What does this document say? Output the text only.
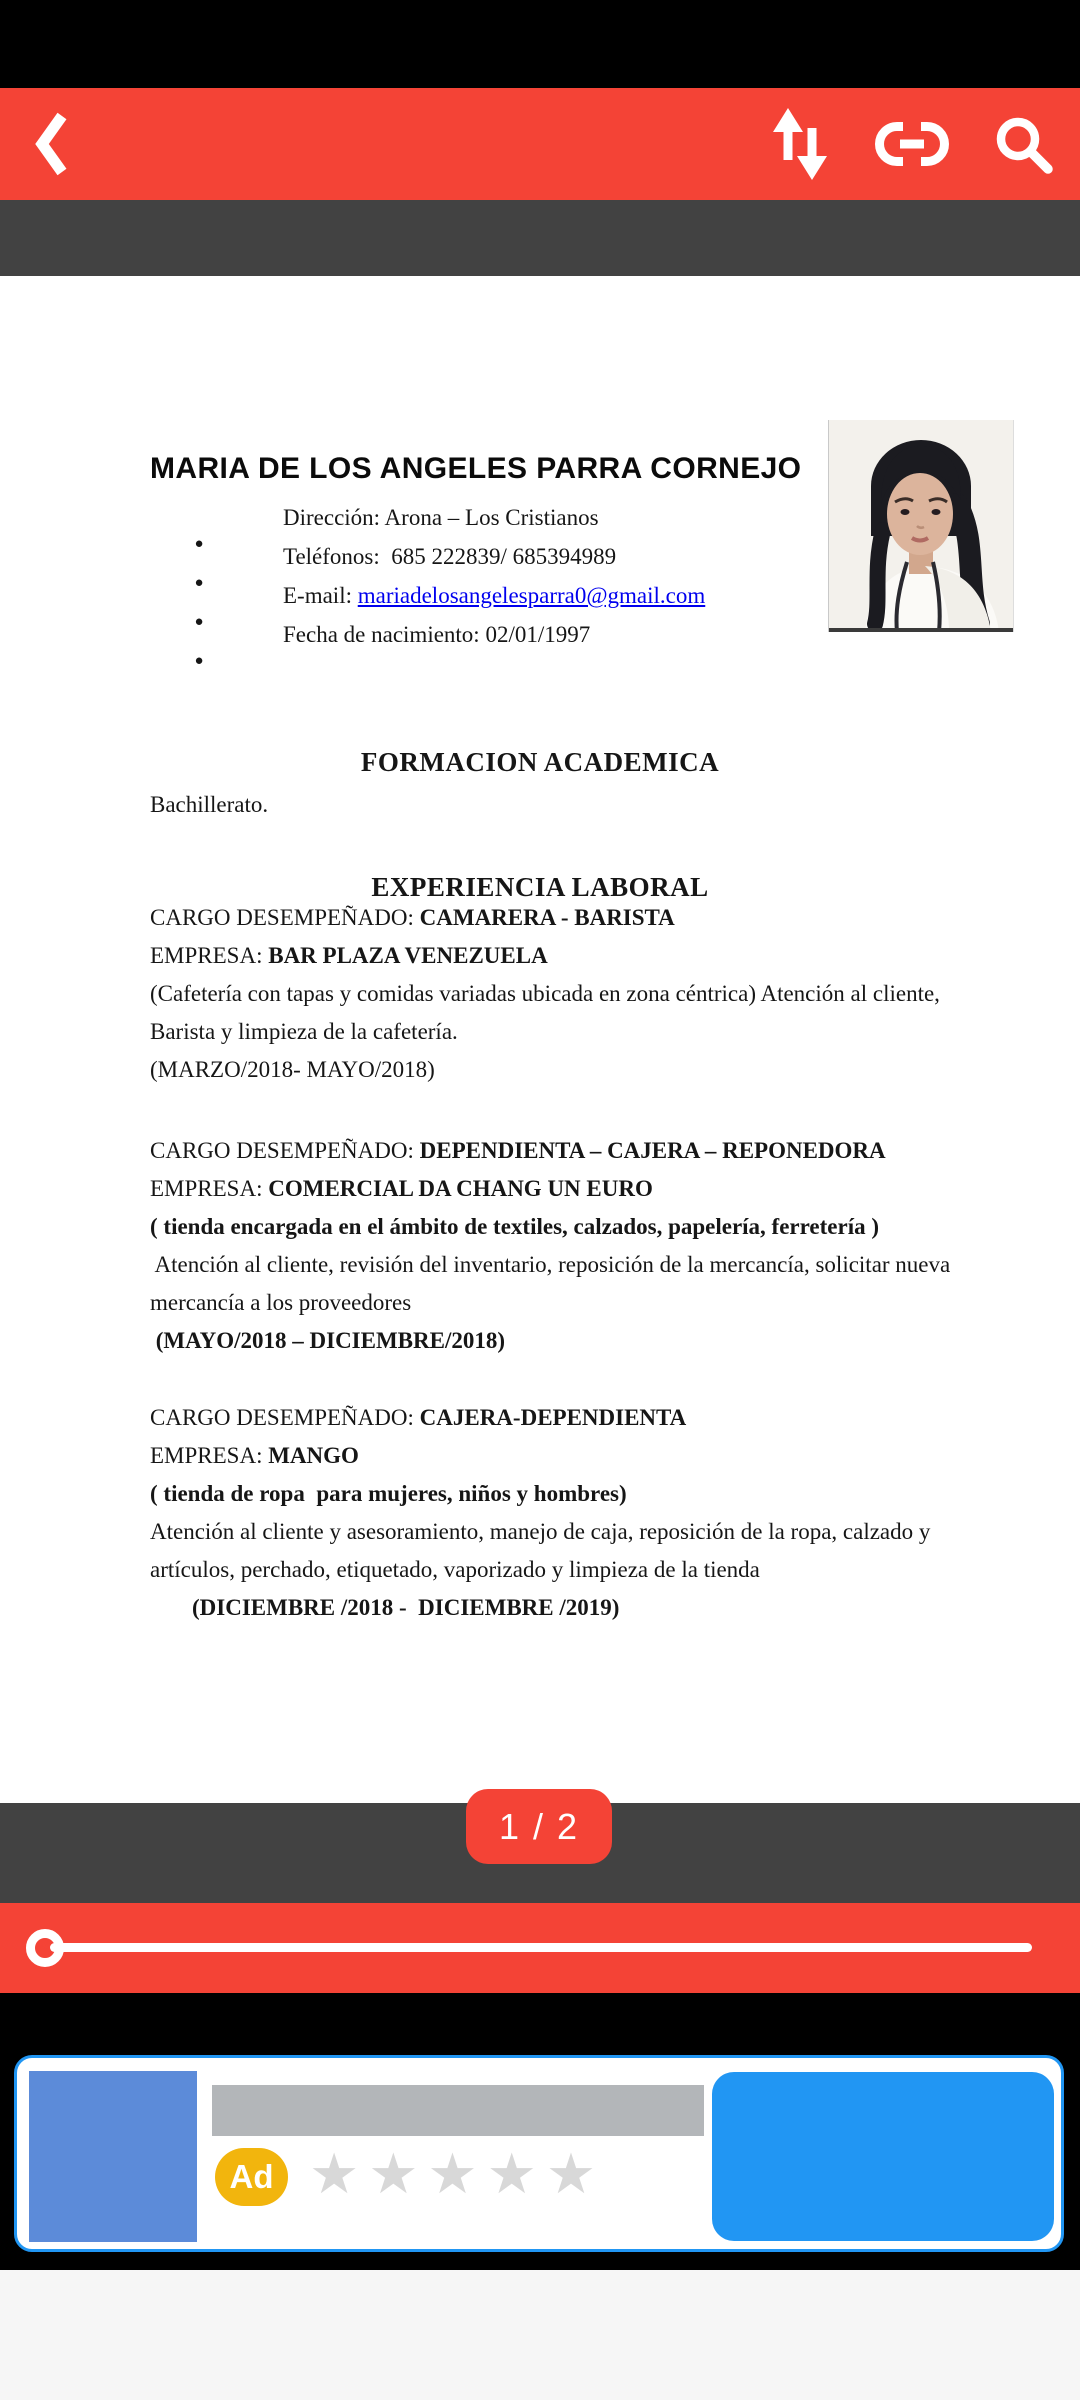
MARIA DE LOS ANGELES PARRA CORNEJO

●

Dirección: Arona – Los Cristianos

●

Teléfonos:  685 222839/ 685394989

●

E-mail: mariadelosangelesparra0@gmail.com

●

Fecha de nacimiento: 02/01/1997

FORMACION ACADEMICA
Bachillerato.
EXPERIENCIA LABORAL
CARGO DESEMPEÑADO: CAMARERA - BARISTA
EMPRESA: BAR PLAZA VENEZUELA
(Cafetería con tapas y comidas variadas ubicada en zona céntrica) Atención al cliente,
Barista y limpieza de la cafetería.
(MARZO/2018- MAYO/2018)
CARGO DESEMPEÑADO: DEPENDIENTA – CAJERA – REPONEDORA
EMPRESA: COMERCIAL DA CHANG UN EURO
( tienda encargada en el ámbito de textiles, calzados, papelería, ferretería )
Atención al cliente, revisión del inventario, reposición de la mercancía, solicitar nueva
mercancía a los proveedores
(MAYO/2018 – DICIEMBRE/2018)
CARGO DESEMPEÑADO: CAJERA-DEPENDIENTA
EMPRESA: MANGO
( tienda de ropa  para mujeres, niños y hombres)
Atención al cliente y asesoramiento, manejo de caja, reposición de la ropa, calzado y
artículos, perchado, etiquetado, vaporizado y limpieza de la tienda
(DICIEMBRE /2018 -  DICIEMBRE /2019)
1 / 2
Ad ★★★★★
